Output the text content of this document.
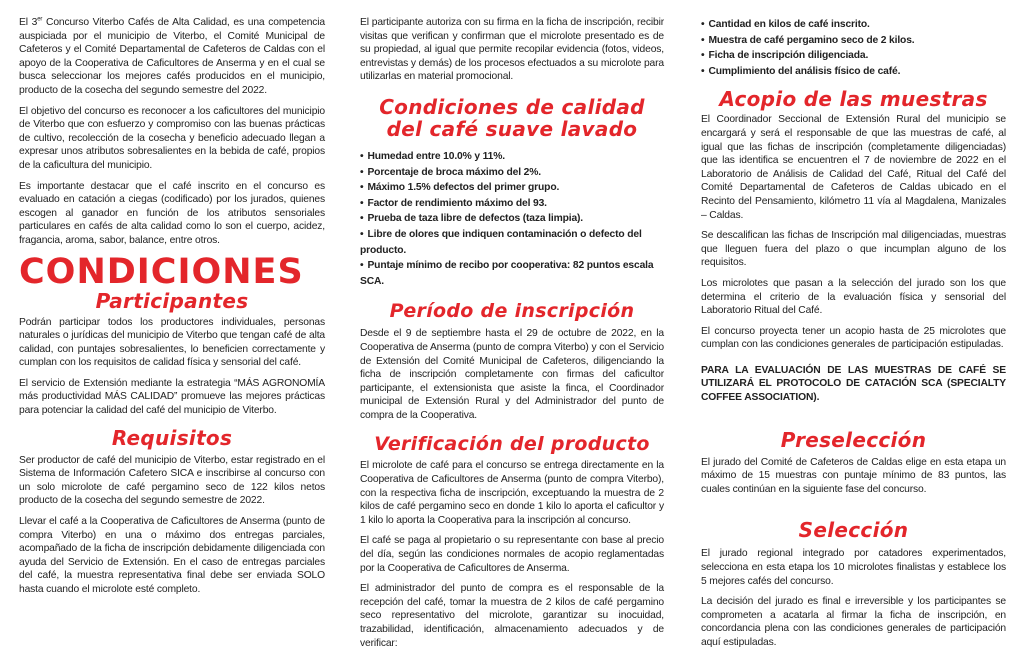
El 3er Concurso Viterbo Cafés de Alta Calidad, es una competencia auspiciada por el municipio de Viterbo, el Comité Municipal de Cafeteros y el Comité Departamental de Cafeteros de Caldas con el apoyo de la Cooperativa de Caficultores de Anserma y en el cual se busca seleccionar los mejores cafés producidos en el municipio, producto de la cosecha del segundo semestre del 2022.

El objetivo del concurso es reconocer a los caficultores del municipio de Viterbo que con esfuerzo y compromiso con las buenas prácticas de cultivo, recolección de la cosecha y beneficio adecuado llegan a expresar unos atributos sobresalientes en la bebida de café, propios de la caficultura del municipio.

Es importante destacar que el café inscrito en el concurso es evaluado en catación a ciegas (codificado) por los jurados, quienes escogen al ganador en función de los atributos sensoriales particulares en cafés de alta calidad como lo son el cuerpo, acidez, fragancia, aroma, sabor, balance, entre otros.

CONDICIONES
Participantes

Podrán participar todos los productores individuales, personas naturales o jurídicas del municipio de Viterbo que tengan café de alta calidad, con puntajes sobresalientes, lo beneficien correctamente y cumplan con los requisitos de calidad física y sensorial del café.

El servicio de Extensión mediante la estrategia “MÁS AGRONOMÍA más productividad MÁS CALIDAD” promueve las mejores prácticas para potenciar la calidad del café del municipio de Viterbo.

Requisitos

Ser productor de café del municipio de Viterbo, estar registrado en el Sistema de Información Cafetero SICA e inscribirse al concurso con un solo microlote de café pergamino seco de 122 kilos netos producto de la cosecha del segundo semestre de 2022.

Llevar el café a la Cooperativa de Caficultores de Anserma (punto de compra Viterbo) en una o máximo dos entregas parciales, acompañado de la ficha de inscripción debidamente diligenciada con ayuda del Servicio de Extensión. En el caso de entregas parciales del café, la muestra representativa final debe ser enviada SOLO hasta cuando el microlote esté completo.

El participante autoriza con su firma en la ficha de inscripción, recibir visitas que verifican y confirman que el microlote presentado es de su propiedad, al igual que permite recopilar evidencia (fotos, videos, entrevistas y demás) de los procesos efectuados a su microlote para utilizarlas en material promocional.

Condiciones de calidad del café suave lavado
• Humedad entre 10.0% y 11%.
• Porcentaje de broca máximo del 2%.
• Máximo 1.5% defectos del primer grupo.
• Factor de rendimiento máximo del 93.
• Prueba de taza libre de defectos (taza limpia).
• Libre de olores que indiquen contaminación o defecto del producto.
• Puntaje mínimo de recibo por cooperativa: 82 puntos escala SCA.
Período de inscripción

Desde el 9 de septiembre hasta el 29 de octubre de 2022, en la Cooperativa de Anserma (punto de compra Viterbo) y con el Servicio de Extensión del Comité Municipal de Cafeteros, diligenciando la ficha de inscripción completamente con firmas del caficultor participante, el extensionista que asiste la finca, el Coordinador municipal de Extensión Rural y del Administrador del punto de compra de la Cooperativa.

Verificación del producto

El microlote de café para el concurso se entrega directamente en la Cooperativa de Caficultores de Anserma (punto de compra Viterbo), con la respectiva ficha de inscripción, exceptuando la muestra de 2 kilos de café pergamino seco en donde 1 kilo lo aporta el caficultor y 1 kilo lo aporta la Cooperativa para la inscripción al concurso.

El café se paga al propietario o su representante con base al precio del día, según las condiciones normales de acopio reglamentadas por la Cooperativa de Caficultores de Anserma.

El administrador del punto de compra es el responsable de la recepción del café, tomar la muestra de 2 kilos de café pergamino seco representativo del microlote, garantizar su inocuidad, trazabilidad, identificación, almacenamiento adecuados y de verificar:

• Cantidad en kilos de café inscrito.
• Muestra de café pergamino seco de 2 kilos.
• Ficha de inscripción diligenciada.
• Cumplimiento del análisis físico de café.
Acopio de las muestras

El Coordinador Seccional de Extensión Rural del municipio se encargará y será el responsable de que las muestras de café, al igual que las fichas de inscripción (completamente diligenciadas) que las identifica se encuentren el 7 de noviembre de 2022 en el Laboratorio de Análisis de Calidad del Café, Ritual del Café del Comité Departamental de Cafeteros de Caldas ubicado en el Recinto del Pensamiento, kilómetro 11 vía al Magdalena, Manizales – Caldas.

Se descalifican las fichas de Inscripción mal diligenciadas, muestras que lleguen fuera del plazo o que incumplan alguno de los requisitos.

Los microlotes que pasan a la selección del jurado son los que determina el criterio de la evaluación física y sensorial del Laboratorio Ritual del Café.

El concurso proyecta tener un acopio hasta de 25 microlotes que cumplan con las condiciones generales de participación estipuladas.

PARA LA EVALUACIÓN DE LAS MUESTRAS DE CAFÉ SE UTILIZARÁ EL PROTOCOLO DE CATACIÓN SCA (SPECIALTY COFFEE ASSOCIATION).

Preselección

El jurado del Comité de Cafeteros de Caldas elige en esta etapa un máximo de 15 muestras con puntaje mínimo de 83 puntos, las cuales continúan en la siguiente fase del concurso.

Selección

El jurado regional integrado por catadores experimentados, selecciona en esta etapa los 10 microlotes finalistas y establece los 5 mejores cafés del concurso.

La decisión del jurado es final e irreversible y los participantes se comprometen a acatarla al firmar la ficha de inscripción, en concordancia plena con las condiciones generales de participación aquí estipuladas.
